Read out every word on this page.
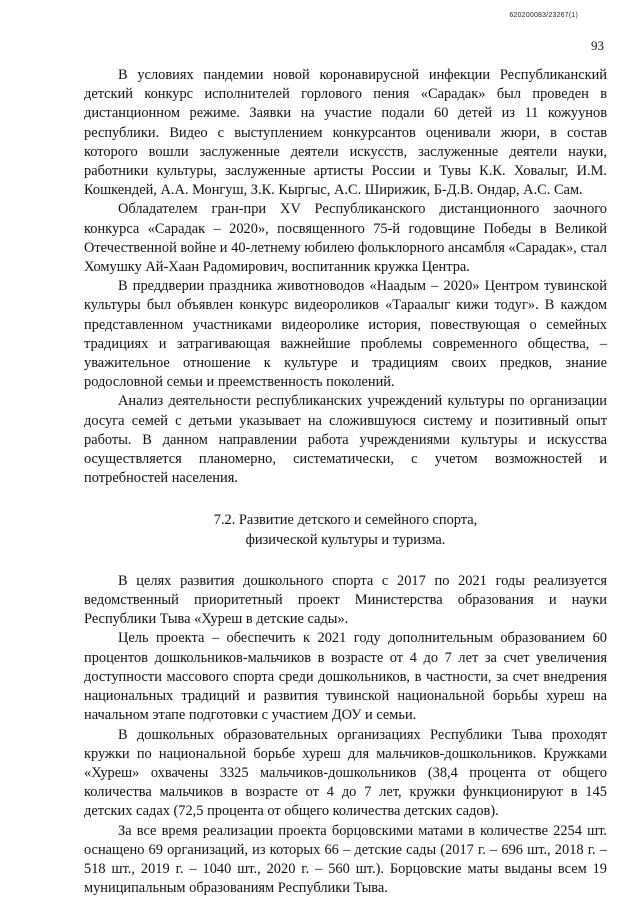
620200083/23267(1)
93

В условиях пандемии новой коронавирусной инфекции Республиканский детский конкурс исполнителей горлового пения «Сарадак» был проведен в дистанционном режиме. Заявки на участие подали 60 детей из 11 кожуунов республики. Видео с выступлением конкурсантов оценивали жюри, в состав которого вошли заслуженные деятели искусств, заслуженные деятели науки, работники культуры, заслуженные артисты России и Тувы К.К. Ховалыг, И.М. Кошкендей, А.А. Монгуш, З.К. Кыргыс, А.С. Ширижик, Б-Д.В. Ондар, А.С. Сам.

Обладателем гран-при XV Республиканского дистанционного заочного конкурса «Сарадак – 2020», посвященного 75-й годовщине Победы в Великой Отечественной войне и 40-летнему юбилею фольклорного ансамбля «Сарадак», стал Хомушку Ай-Хаан Радомирович, воспитанник кружка Центра.

В преддверии праздника животноводов «Наадым – 2020» Центром тувинской культуры был объявлен конкурс видеороликов «Тараалыг кижи тодуг». В каждом представленном участниками видеоролике история, повествующая о семейных традициях и затрагивающая важнейшие проблемы современного общества, – уважительное отношение к культуре и традициям своих предков, знание родословной семьи и преемственность поколений.

Анализ деятельности республиканских учреждений культуры по организации досуга семей с детьми указывает на сложившуюся систему и позитивный опыт работы. В данном направлении работа учреждениями культуры и искусства осуществляется планомерно, систематически, с учетом возможностей и потребностей населения.

7.2. Развитие детского и семейного спорта,
физической культуры и туризма.

В целях развития дошкольного спорта с 2017 по 2021 годы реализуется ведомственный приоритетный проект Министерства образования и науки Республики Тыва «Хуреш в детские сады».

Цель проекта – обеспечить к 2021 году дополнительным образованием 60 процентов дошкольников-мальчиков в возрасте от 4 до 7 лет за счет увеличения доступности массового спорта среди дошкольников, в частности, за счет внедрения национальных традиций и развития тувинской национальной борьбы хуреш на начальном этапе подготовки с участием ДОУ и семьи.

В дошкольных образовательных организациях Республики Тыва проходят кружки по национальной борьбе хуреш для мальчиков-дошкольников. Кружками «Хуреш» охвачены 3325 мальчиков-дошкольников (38,4 процента от общего количества мальчиков в возрасте от 4 до 7 лет, кружки функционируют в 145 детских садах (72,5 процента от общего количества детских садов).

За все время реализации проекта борцовскими матами в количестве 2254 шт. оснащено 69 организаций, из которых 66 – детские сады (2017 г. – 696 шт., 2018 г. – 518 шт., 2019 г. – 1040 шт., 2020 г. – 560 шт.). Борцовские маты выданы всем 19 муниципальным образованиям Республики Тыва.
